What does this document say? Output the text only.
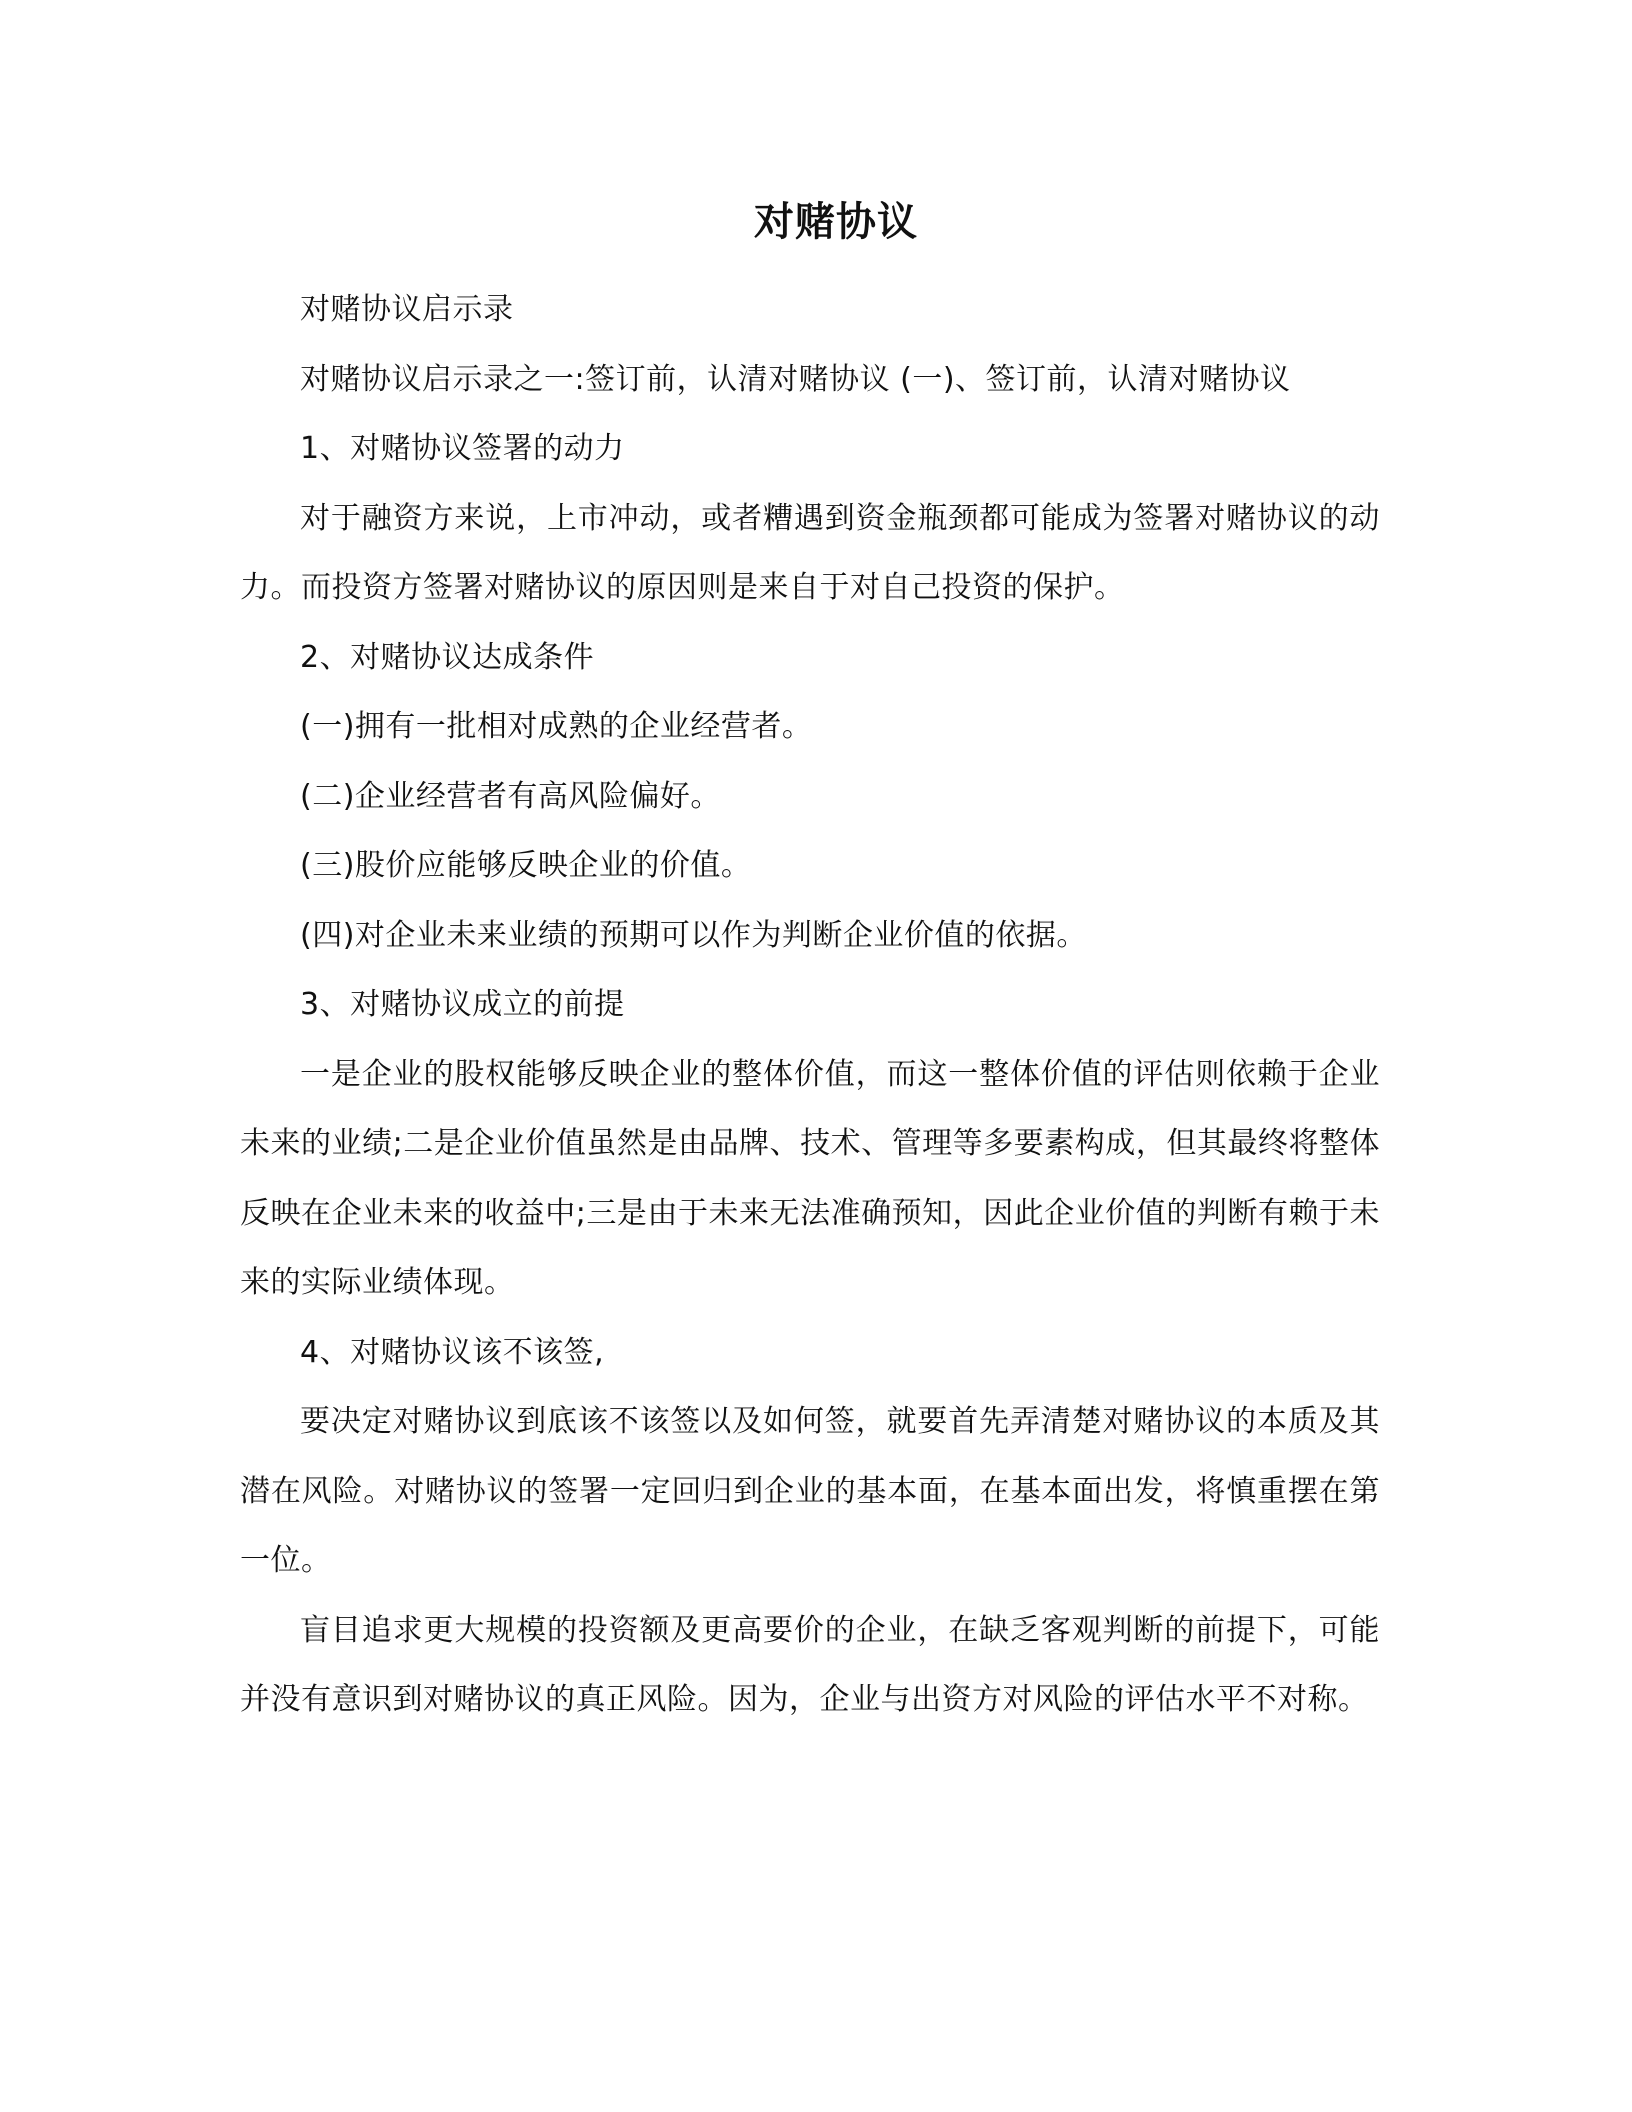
对赌协议

对赌协议启示录

对赌协议启示录之一:签订前，认清对赌协议 (一)、签订前，认清对赌协议

1、对赌协议签署的动力

对于融资方来说，上市冲动，或者糟遇到资金瓶颈都可能成为签署对赌协议的动力。而投资方签署对赌协议的原因则是来自于对自己投资的保护。

2、对赌协议达成条件

(一)拥有一批相对成熟的企业经营者。

(二)企业经营者有高风险偏好。

(三)股价应能够反映企业的价值。

(四)对企业未来业绩的预期可以作为判断企业价值的依据。

3、对赌协议成立的前提

一是企业的股权能够反映企业的整体价值，而这一整体价值的评估则依赖于企业未来的业绩;二是企业价值虽然是由品牌、技术、管理等多要素构成，但其最终将整体反映在企业未来的收益中;三是由于未来无法准确预知，因此企业价值的判断有赖于未来的实际业绩体现。

4、对赌协议该不该签,

要决定对赌协议到底该不该签以及如何签，就要首先弄清楚对赌协议的本质及其潜在风险。对赌协议的签署一定回归到企业的基本面，在基本面出发，将慎重摆在第一位。

盲目追求更大规模的投资额及更高要价的企业，在缺乏客观判断的前提下，可能并没有意识到对赌协议的真正风险。因为，企业与出资方对风险的评估水平不对称。
